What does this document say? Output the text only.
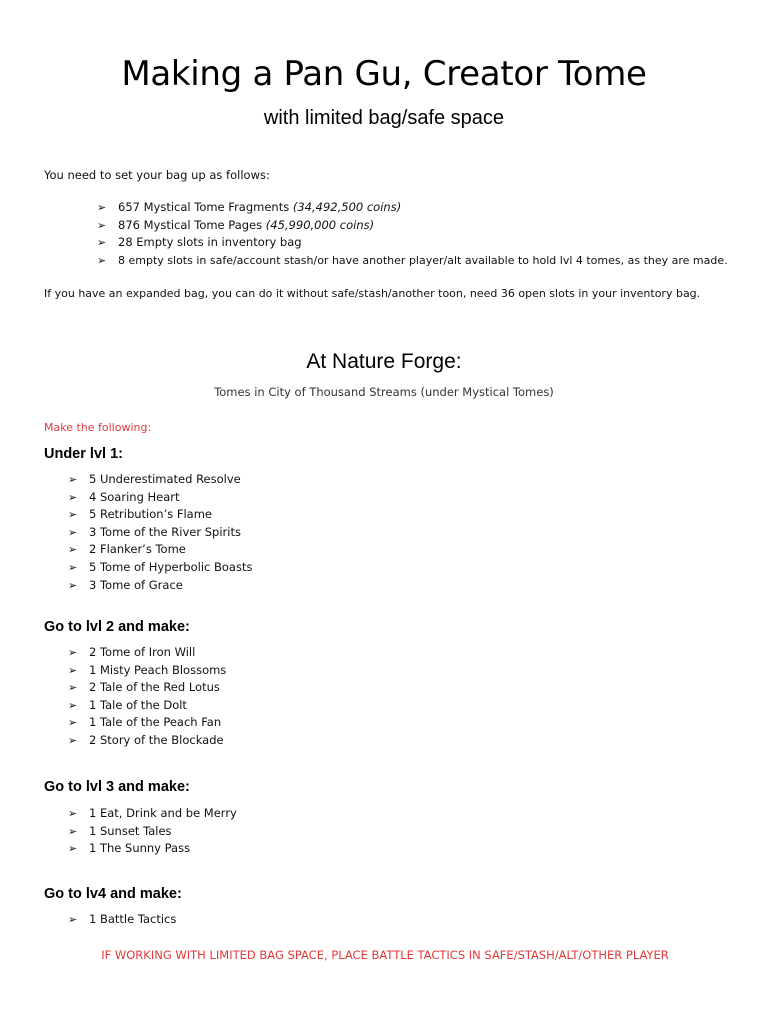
Making a Pan Gu, Creator Tome
with limited bag/safe space
You need to set your bag up as follows:
➢ 657 Mystical Tome Fragments (34,492,500 coins)
➢ 876 Mystical Tome Pages (45,990,000 coins)
➢ 28 Empty slots in inventory bag
➢ 8 empty slots in safe/account stash/or have another player/alt available to hold lvl 4 tomes, as they are made.
If you have an expanded bag, you can do it without safe/stash/another toon, need 36 open slots in your inventory bag.
At Nature Forge:
Tomes in City of Thousand Streams (under Mystical Tomes)
Make the following:
Under lvl 1:
➢ 5 Underestimated Resolve
➢ 4 Soaring Heart
➢ 5 Retribution’s Flame
➢ 3 Tome of the River Spirits
➢ 2 Flanker’s Tome
➢ 5 Tome of Hyperbolic Boasts
➢ 3 Tome of Grace
Go to lvl 2 and make:
➢ 2 Tome of Iron Will
➢ 1 Misty Peach Blossoms
➢ 2 Tale of the Red Lotus
➢ 1 Tale of the Dolt
➢ 1 Tale of the Peach Fan
➢ 2 Story of the Blockade
Go to lvl 3 and make:
➢ 1 Eat, Drink and be Merry
➢ 1 Sunset Tales
➢ 1 The Sunny Pass
Go to lv4 and make:
➢ 1 Battle Tactics
IF WORKING WITH LIMITED BAG SPACE, PLACE BATTLE TACTICS IN SAFE/STASH/ALT/OTHER PLAYER
